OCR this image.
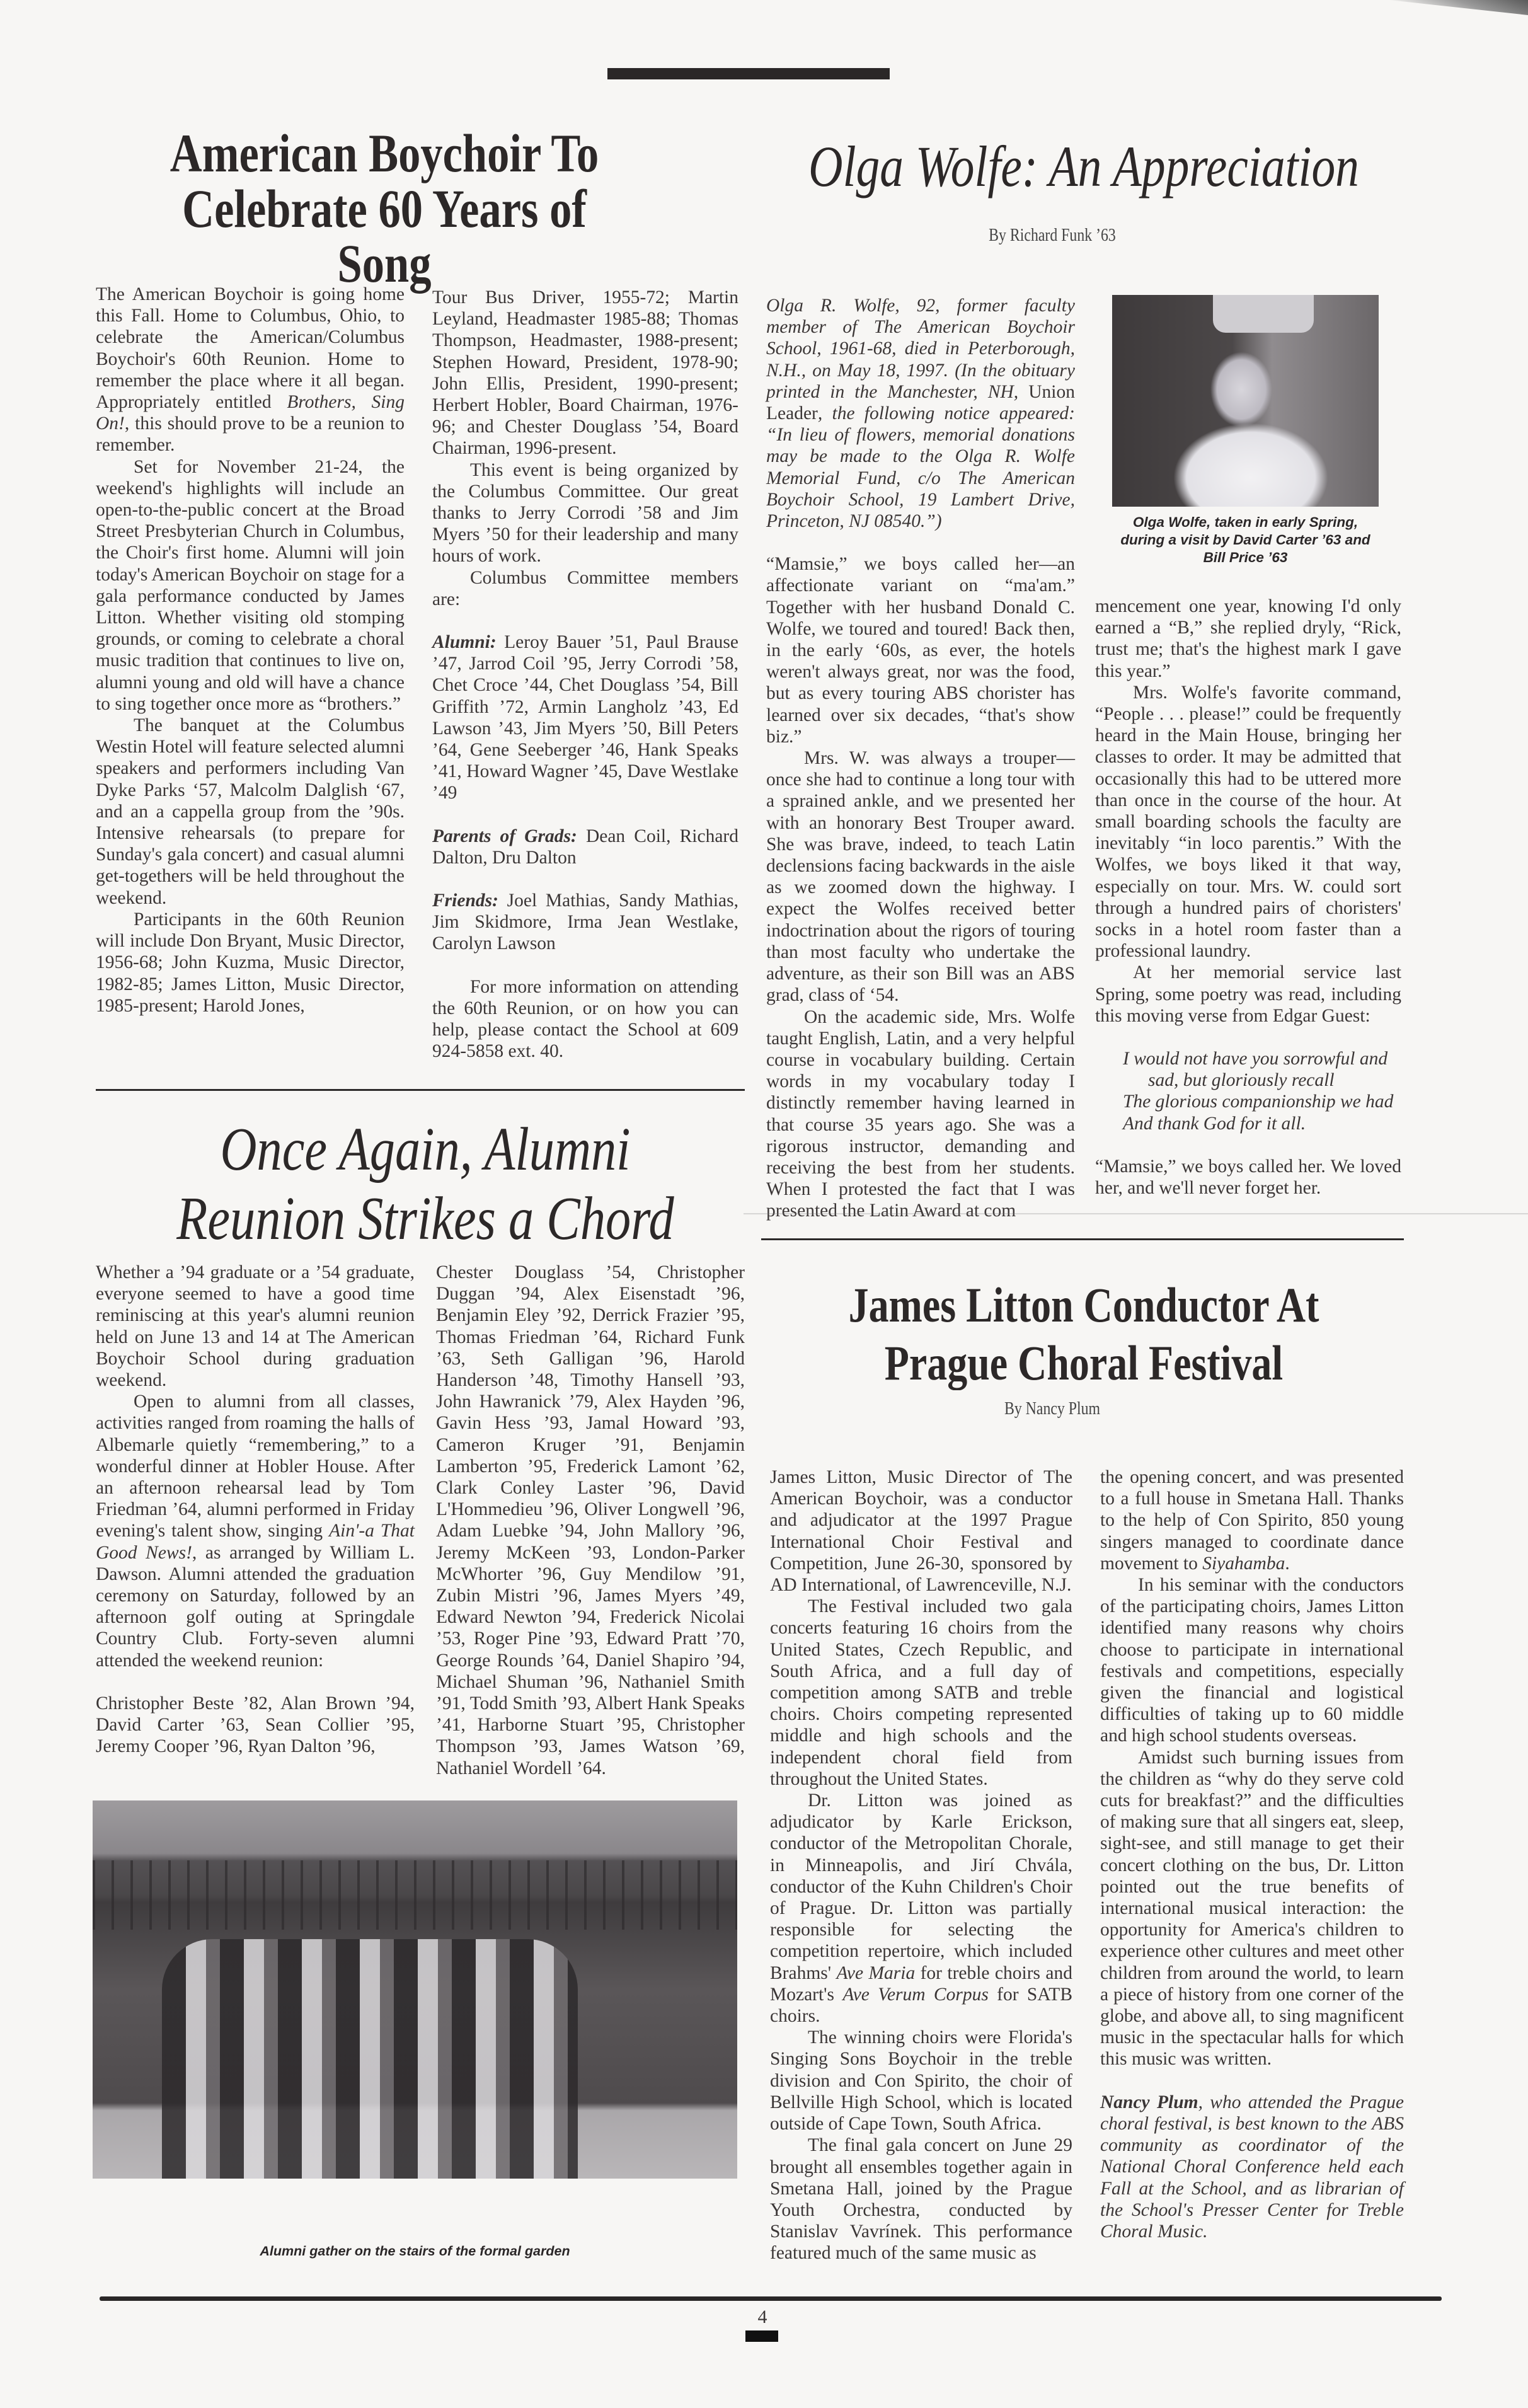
American Boychoir To Celebrate 60 Years of Song

The American Boychoir is going home this Fall. Home to Columbus, Ohio, to celebrate the American/Columbus Boychoir's 60th Reunion. Home to remember the place where it all began. Appropriately entitled Brothers, Sing On!, this should prove to be a reunion to remember.

Set for November 21-24, the weekend's highlights will include an open-to-the-public concert at the Broad Street Presbyterian Church in Columbus, the Choir's first home. Alumni will join today's American Boychoir on stage for a gala performance conducted by James Litton. Whether visiting old stomping grounds, or coming to celebrate a choral music tradition that continues to live on, alumni young and old will have a chance to sing together once more as “brothers.”

The banquet at the Columbus Westin Hotel will feature selected alumni speakers and performers including Van Dyke Parks ‘57, Malcolm Dalglish ‘67, and an a cappella group from the ’90s. Intensive rehearsals (to prepare for Sunday's gala concert) and casual alumni get-togethers will be held throughout the weekend.

Participants in the 60th Reunion will include Don Bryant, Music Director, 1956-68; John Kuzma, Music Director, 1982-85; James Litton, Music Director, 1985-present; Harold Jones,

Tour Bus Driver, 1955-72; Martin Leyland, Headmaster 1985-88; Thomas Thompson, Headmaster, 1988-present; Stephen Howard, President, 1978-90; John Ellis, President, 1990-present; Herbert Hobler, Board Chairman, 1976-96; and Chester Douglass ’54, Board Chairman, 1996-present.

This event is being organized by the Columbus Committee. Our great thanks to Jerry Corrodi ’58 and Jim Myers ’50 for their leadership and many hours of work.

Columbus Committee members are:

Alumni: Leroy Bauer ’51, Paul Brause ’47, Jarrod Coil ’95, Jerry Corrodi ’58, Chet Croce ’44, Chet Douglass ’54, Bill Griffith ’72, Armin Langholz ’43, Ed Lawson ’43, Jim Myers ’50, Bill Peters ’64, Gene Seeberger ’46, Hank Speaks ’41, Howard Wagner ’45, Dave Westlake ’49

Parents of Grads: Dean Coil, Richard Dalton, Dru Dalton

Friends: Joel Mathias, Sandy Mathias, Jim Skidmore, Irma Jean Westlake, Carolyn Lawson

For more information on attending the 60th Reunion, or on how you can help, please contact the School at 609 924-5858 ext. 40.

Olga Wolfe: An Appreciation
By Richard Funk ’63

Olga R. Wolfe, 92, former faculty member of The American Boychoir School, 1961-68, died in Peterborough, N.H., on May 18, 1997. (In the obituary printed in the Manchester, NH, Union Leader, the following notice appeared: “In lieu of flowers, memorial donations may be made to the Olga R. Wolfe Memorial Fund, c/o The American Boychoir School, 19 Lambert Drive, Princeton, NJ 08540.”)

“Mamsie,” we boys called her—an affectionate variant on “ma'am.” Together with her husband Donald C. Wolfe, we toured and toured! Back then, in the early ‘60s, as ever, the hotels weren't always great, nor was the food, but as every touring ABS chorister has learned over six decades, “that's show biz.”

Mrs. W. was always a trouper—once she had to continue a long tour with a sprained ankle, and we presented her with an honorary Best Trouper award. She was brave, indeed, to teach Latin declensions facing backwards in the aisle as we zoomed down the highway. I expect the Wolfes received better indoctrination about the rigors of touring than most faculty who undertake the adventure, as their son Bill was an ABS grad, class of ‘54.

On the academic side, Mrs. Wolfe taught English, Latin, and a very helpful course in vocabulary building. Certain words in my vocabulary today I distinctly remember having learned in that course 35 years ago. She was a rigorous instructor, demanding and receiving the best from her students. When I protested the fact that I was presented the Latin Award at com

Olga Wolfe, taken in early Spring, during a visit by David Carter ’63 and Bill Price ’63

mencement one year, knowing I'd only earned a “B,” she replied dryly, “Rick, trust me; that's the highest mark I gave this year.”

Mrs. Wolfe's favorite command, “People . . . please!” could be frequently heard in the Main House, bringing her classes to order. It may be admitted that occasionally this had to be uttered more than once in the course of the hour. At small boarding schools the faculty are inevitably “in loco parentis.” With the Wolfes, we boys liked it that way, especially on tour. Mrs. W. could sort through a hundred pairs of choristers' socks in a hotel room faster than a professional laundry.

At her memorial service last Spring, some poetry was read, including this moving verse from Edgar Guest:

I would not have you sorrowful and
sad, but gloriously recall
The glorious companionship we had
And thank God for it all.

“Mamsie,” we boys called her. We loved her, and we'll never forget her.

Once Again, Alumni Reunion Strikes a Chord

Whether a ’94 graduate or a ’54 graduate, everyone seemed to have a good time reminiscing at this year's alumni reunion held on June 13 and 14 at The American Boychoir School during graduation weekend.

Open to alumni from all classes, activities ranged from roaming the halls of Albemarle quietly “remembering,” to a wonderful dinner at Hobler House. After an afternoon rehearsal lead by Tom Friedman ’64, alumni performed in Friday evening's talent show, singing Ain'-a That Good News!, as arranged by William L. Dawson. Alumni attended the graduation ceremony on Saturday, followed by an afternoon golf outing at Springdale Country Club. Forty-seven alumni attended the weekend reunion:

Christopher Beste ’82, Alan Brown ’94, David Carter ’63, Sean Collier ’95, Jeremy Cooper ’96, Ryan Dalton ’96,

Chester Douglass ’54, Christopher Duggan ’94, Alex Eisenstadt ’96, Benjamin Eley ’92, Derrick Frazier ’95, Thomas Friedman ’64, Richard Funk ’63, Seth Galligan ’96, Harold Handerson ’48, Timothy Hansell ’93, John Hawranick ’79, Alex Hayden ’96, Gavin Hess ’93, Jamal Howard ’93, Cameron Kruger ’91, Benjamin Lamberton ’95, Frederick Lamont ’62, Clark Conley Laster ’96, David L'Hommedieu ’96, Oliver Longwell ’96, Adam Luebke ’94, John Mallory ’96, Jeremy McKeen ’93, London-Parker McWhorter ’96, Guy Mendilow ’91, Zubin Mistri ’96, James Myers ’49, Edward Newton ’94, Frederick Nicolai ’53, Roger Pine ’93, Edward Pratt ’70, George Rounds ’64, Daniel Shapiro ’94, Michael Shuman ’96, Nathaniel Smith ’91, Todd Smith ’93, Albert Hank Speaks ’41, Harborne Stuart ’95, Christopher Thompson ’93, James Watson ’69, Nathaniel Wordell ’64.

Alumni gather on the stairs of the formal garden
James Litton Conductor At Prague Choral Festival
By Nancy Plum

James Litton, Music Director of The American Boychoir, was a conductor and adjudicator at the 1997 Prague International Choir Festival and Competition, June 26-30, sponsored by AD International, of Lawrenceville, N.J.

The Festival included two gala concerts featuring 16 choirs from the United States, Czech Republic, and South Africa, and a full day of competition among SATB and treble choirs. Choirs competing represented middle and high schools and the independent choral field from throughout the United States.

Dr. Litton was joined as adjudicator by Karle Erickson, conductor of the Metropolitan Chorale, in Minneapolis, and Jirí Chvála, conductor of the Kuhn Children's Choir of Prague. Dr. Litton was partially responsible for selecting the competition repertoire, which included Brahms' Ave Maria for treble choirs and Mozart's Ave Verum Corpus for SATB choirs.

The winning choirs were Florida's Singing Sons Boychoir in the treble division and Con Spirito, the choir of Bellville High School, which is located outside of Cape Town, South Africa.

The final gala concert on June 29 brought all ensembles together again in Smetana Hall, joined by the Prague Youth Orchestra, conducted by Stanislav Vavrínek. This performance featured much of the same music as

the opening concert, and was presented to a full house in Smetana Hall. Thanks to the help of Con Spirito, 850 young singers managed to coordinate dance movement to Siyahamba.

In his seminar with the conductors of the participating choirs, James Litton identified many reasons why choirs choose to participate in international festivals and competitions, especially given the financial and logistical difficulties of taking up to 60 middle and high school students overseas.

Amidst such burning issues from the children as “why do they serve cold cuts for breakfast?” and the difficulties of making sure that all singers eat, sleep, sight-see, and still manage to get their concert clothing on the bus, Dr. Litton pointed out the true benefits of international musical interaction: the opportunity for America's children to experience other cultures and meet other children from around the world, to learn a piece of history from one corner of the globe, and above all, to sing magnificent music in the spectacular halls for which this music was written.

Nancy Plum, who attended the Prague choral festival, is best known to the ABS community as coordinator of the National Choral Conference held each Fall at the School, and as librarian of the School's Presser Center for Treble Choral Music.

4
